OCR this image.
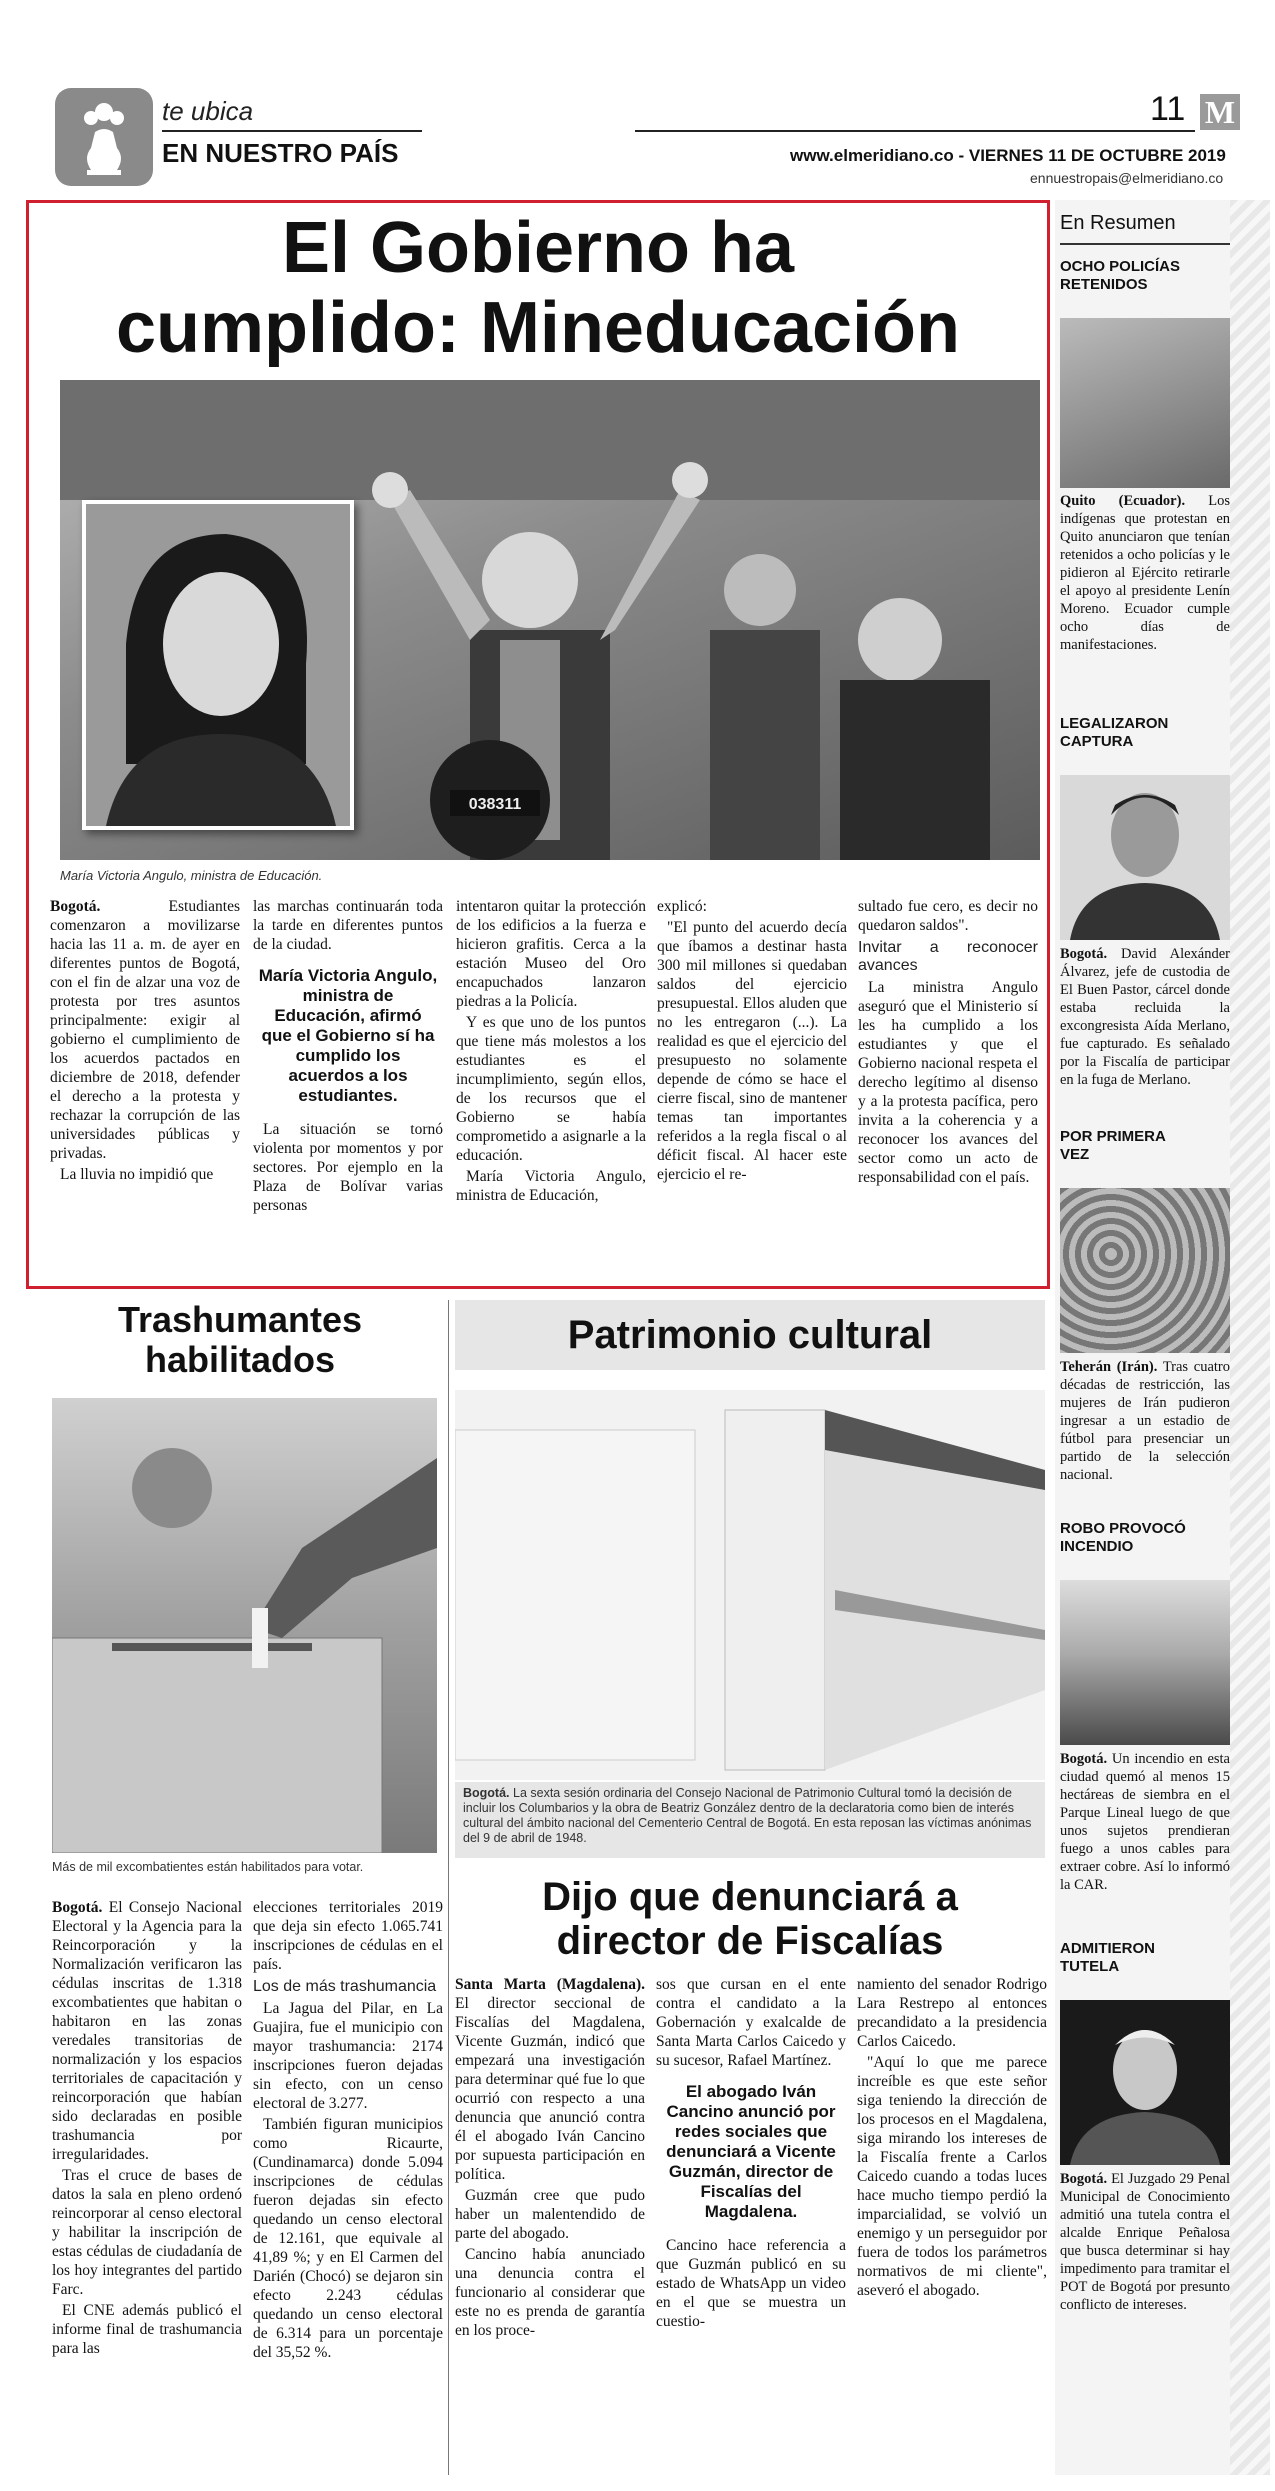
te ubica
EN NUESTRO PAÍS
11 M
www.elmeridiano.co - VIERNES 11 DE OCTUBRE 2019
ennuestropais@elmeridiano.co
El Gobierno ha
cumplido: Mineducación
038311
María Victoria Angulo, ministra de Educación.

Bogotá. Estudiantes comenzaron a movilizarse hacia las 11 a. m. de ayer en diferentes puntos de Bogotá, con el fin de alzar una voz de protesta por tres asuntos principalmente: exigir al gobierno el cumplimiento de los acuerdos pactados en diciembre de 2018, defender el derecho a la protesta y rechazar la corrupción de las universidades públicas y privadas.

La lluvia no impidió que

las marchas continuarán toda la tarde en diferentes puntos de la ciudad.

María Victoria Angulo, ministra de Educación, afirmó que el Gobierno sí ha cumplido los acuerdos a los estudiantes.

La situación se tornó violenta por momentos y por sectores. Por ejemplo en la Plaza de Bolívar varias personas

intentaron quitar la protección de los edificios a la fuerza e hicieron grafitis. Cerca a la estación Museo del Oro encapuchados lanzaron piedras a la Policía.

Y es que uno de los puntos que tiene más molestos a los estudiantes es el incumplimiento, según ellos, de los recursos que el Gobierno se había comprometido a asignarle a la educación.

María Victoria Angulo, ministra de Educación,

explicó:

"El punto del acuerdo decía que íbamos a destinar hasta 300 mil millones si quedaban saldos del ejercicio presupuestal. Ellos aluden que no les entregaron (...). La realidad es que el ejercicio del presupuesto no solamente depende de cómo se hace el cierre fiscal, sino de mantener temas tan importantes referidos a la regla fiscal o al déficit fiscal. Al hacer este ejercicio el re-

sultado fue cero, es decir no quedaron saldos".

Invitar a reconocer avances

La ministra Angulo aseguró que el Ministerio sí les ha cumplido a los estudiantes y que el Gobierno nacional respeta el derecho legítimo al disenso y a la protesta pacífica, pero invita a la coherencia y a reconocer los avances del sector como un acto de responsabilidad con el país.

Trashumantes
habilitados
Más de mil excombatientes están habilitados para votar.

Bogotá. El Consejo Nacional Electoral y la Agencia para la Reincorporación y la Normalización verificaron las cédulas inscritas de 1.318 excombatientes que habitan o habitaron en las zonas veredales transitorias de normalización y los espacios territoriales de capacitación y reincorporación que habían sido declaradas en posible trashumancia por irregularidades.

Tras el cruce de bases de datos la sala en pleno ordenó reincorporar al censo electoral y habilitar la inscripción de estas cédulas de ciudadanía de los hoy integrantes del partido Farc.

El CNE además publicó el informe final de trashumancia para las

elecciones territoriales 2019 que deja sin efecto 1.065.741 inscripciones de cédulas en el país.

Los de más trashumancia

La Jagua del Pilar, en La Guajira, fue el municipio con mayor trashumancia: 2174 inscripciones fueron dejadas sin efecto, con un censo electoral de 3.277.

También figuran municipios como Ricaurte, (Cundinamarca) donde 5.094 inscripciones de cédulas fueron dejadas sin efecto quedando un censo electoral de 12.161, que equivale al 41,89 %; y en El Carmen del Darién (Chocó) se dejaron sin efecto 2.243 cédulas quedando un censo electoral de 6.314 para un porcentaje del 35,52 %.

Patrimonio cultural
Bogotá. La sexta sesión ordinaria del Consejo Nacional de Patrimonio Cultural tomó la decisión de incluir los Columbarios y la obra de Beatriz González dentro de la declaratoria como bien de interés cultural del ámbito nacional del Cementerio Central de Bogotá. En esta reposan las víctimas anónimas del 9 de abril de 1948.
Dijo que denunciará a
director de Fiscalías

Santa Marta (Magdalena). El director seccional de Fiscalías del Magdalena, Vicente Guzmán, indicó que empezará una investigación para determinar qué fue lo que ocurrió con respecto a una denuncia que anunció contra él el abogado Iván Cancino por supuesta participación en política.

Guzmán cree que pudo haber un malentendido de parte del abogado.

Cancino había anunciado una denuncia contra el funcionario al considerar que este no es prenda de garantía en los proce-

sos que cursan en el ente contra el candidato a la Gobernación y exalcalde de Santa Marta Carlos Caicedo y su sucesor, Rafael Martínez.

El abogado Iván Cancino anunció por redes sociales que denunciará a Vicente Guzmán, director de Fiscalías del Magdalena.

Cancino hace referencia a que Guzmán publicó en su estado de WhatsApp un video en el que se muestra un cuestio-

namiento del senador Rodrigo Lara Restrepo al entonces precandidato a la presidencia Carlos Caicedo.

"Aquí lo que me parece increíble es que este señor siga teniendo la dirección de los procesos en el Magdalena, siga mirando los intereses de la Fiscalía frente a Carlos Caicedo cuando a todas luces hace mucho tiempo perdió la imparcialidad, se volvió un enemigo y un perseguidor por fuera de todos los parámetros normativos de mi cliente", aseveró el abogado.

En Resumen
OCHO POLICÍAS RETENIDOS
Quito (Ecuador). Los indígenas que protestan en Quito anunciaron que tenían retenidos a ocho policías y le pidieron al Ejército retirarle el apoyo al presidente Lenín Moreno. Ecuador cumple ocho días de manifestaciones.
LEGALIZARON CAPTURA
Bogotá. David Alexánder Álvarez, jefe de custodia de El Buen Pastor, cárcel donde estaba recluida la excongresista Aída Merlano, fue capturado. Es señalado por la Fiscalía de participar en la fuga de Merlano.
POR PRIMERA VEZ
Teherán (Irán). Tras cuatro décadas de restricción, las mujeres de Irán pudieron ingresar a un estadio de fútbol para presenciar un partido de la selección nacional.
ROBO PROVOCÓ INCENDIO
Bogotá. Un incendio en esta ciudad quemó al menos 15 hectáreas de siembra en el Parque Lineal luego de que unos sujetos prendieran fuego a unos cables para extraer cobre. Así lo informó la CAR.
ADMITIERON TUTELA
Bogotá. El Juzgado 29 Penal Municipal de Conocimiento admitió una tutela contra el alcalde Enrique Peñalosa que busca determinar si hay impedimento para tramitar el POT de Bogotá por presunto conflicto de intereses.
